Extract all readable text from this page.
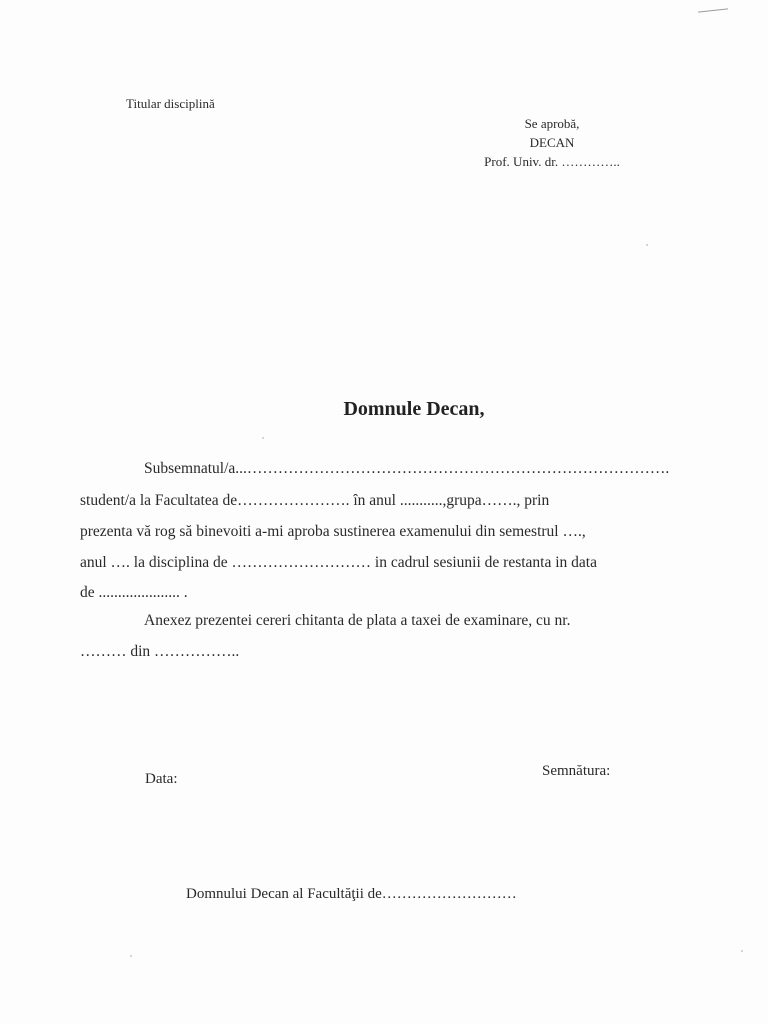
Titular disciplină
Se aprobă,
DECAN
Prof. Univ. dr. …………..
Domnule Decan,
Subsemnatul/a...……………………………………………………………………….
student/a la Facultatea de…………………. în anul ...........,grupa……., prin
prezenta vă rog să binevoiti a-mi aproba sustinerea examenului din semestrul ….,
anul …. la disciplina de ……………………… in cadrul sesiunii de restanta in data
de ..................... .
Anexez prezentei cereri chitanta de plata a taxei de examinare, cu nr.
……… din ……………..
Data:	Semnătura:
Domnului Decan al Facultăţii de………………………
